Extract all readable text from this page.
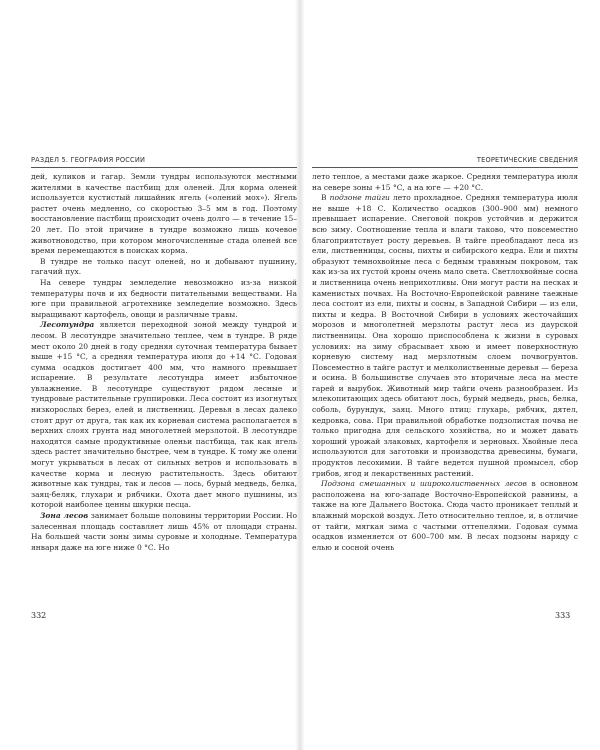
РАЗДЕЛ 5. ГЕОГРАФИЯ РОССИИ

дей, куликов и гагар. Земли тундры используются местными жителями в качестве пастбищ для оленей. Для корма оленей используется кустистый лишайник ягель («олений мох»). Ягель растет очень медленно, со скоростью 3–5 мм в год. Поэтому восстановление пастбищ происходит очень долго — в течение 15–20 лет. По этой причине в тундре возможно лишь кочевое животноводство, при котором многочисленные стада оленей все время перемещаются в поисках корма.

В тундре не только пасут оленей, но и добывают пушнину, гагачий пух.

На севере тундры земледелие невозможно из-за низкой температуры почв и их бедности питательными веществами. На юге при правильной агротехнике земледелие возможно. Здесь выращивают картофель, овощи и различные травы.

Лесотундра является переходной зоной между тундрой и лесом. В лесотундре значительно теплее, чем в тундре. В ряде мест около 20 дней в году средняя суточная температура бывает выше +15 °С, а средняя температура июля до +14 °С. Годовая сумма осадков достигает 400 мм, что намного превышает испарение. В результате лесотундра имеет избыточное увлажнение. В лесотундре существуют рядом лесные и тундровые растительные группировки. Леса состоят из изогнутых низкорослых берез, елей и лиственниц. Деревья в лесах далеко стоят друг от друга, так как их корневая система располагается в верхних слоях грунта над многолетней мерзлотой. В лесотундре находятся самые продуктивные оленьи пастбища, так как ягель здесь растет значительно быстрее, чем в тундре. К тому же олени могут укрываться в лесах от сильных ветров и использовать в качестве корма и лесную растительность. Здесь обитают животные как тундры, так и лесов — лось, бурый медведь, белка, заяц-беляк, глухари и рябчики. Охота дает много пушнины, из которой наиболее ценны шкурки песца.

Зона лесов занимает больше половины территории России. Но залесенная площадь составляет лишь 45% от площади страны. На большей части зоны зимы суровые и холодные. Температура января даже на юге ниже 0 °С. Но

ТЕОРЕТИЧЕСКИЕ СВЕДЕНИЯ

лето теплое, а местами даже жаркое. Средняя температура июля на севере зоны +15 °С, а на юге — +20 °С.

В подзоне тайги лето прохладное. Средняя температура июля не выше +18 С. Количество осадков (300–900 мм) немного превышает испарение. Снеговой покров устойчив и держится всю зиму. Соотношение тепла и влаги таково, что повсеместно благоприятствует росту деревьев. В тайге преобладают леса из ели, лиственницы, сосны, пихты и сибирского кедра. Ели и пихты образуют темнохвойные леса с бедным травяным покровом, так как из-за их густой кроны очень мало света. Светлохвойные сосна и лиственница очень неприхотливы. Они могут расти на песках и каменистых почвах. На Восточно-Европейской равнине таежные леса состоят из ели, пихты и сосны, в Западной Сибири — из ели, пихты и кедра. В Восточной Сибири в условиях жесточайших морозов и многолетней мерзлоты растут леса из даурской лиственницы. Она хорошо приспособлена к жизни в суровых условиях: на зиму сбрасывает хвою и имеет поверхностную корневую систему над мерзлотным слоем почвогрунтов. Повсеместно в тайге растут и мелколиственные деревья — береза и осина. В большинстве случаев это вторичные леса на месте гарей и вырубок. Животный мир тайги очень разнообразен. Из млекопитающих здесь обитают лось, бурый медведь, рысь, белка, соболь, бурундук, заяц. Много птиц: глухарь, рябчик, дятел, кедровка, сова. При правильной обработке подзолистая почва не только пригодна для сельского хозяйства, но и может давать хороший урожай злаковых, картофеля и зерновых. Хвойные леса используются для заготовки и производства древесины, бумаги, продуктов лесохимии. В тайге ведется пушной промысел, сбор грибов, ягод и лекарственных растений.

Подзона смешанных и широколиственных лесов в основном расположена на юго-западе Восточно-Европейской равнины, а также на юге Дальнего Востока. Сюда часто проникает теплый и влажный морской воздух. Лето относительно теплое, и, в отличие от тайги, мягкая зима с частыми оттепелями. Годовая сумма осадков изменяется от 600–700 мм. В лесах подзоны наряду с елью и сосной очень

332	333
